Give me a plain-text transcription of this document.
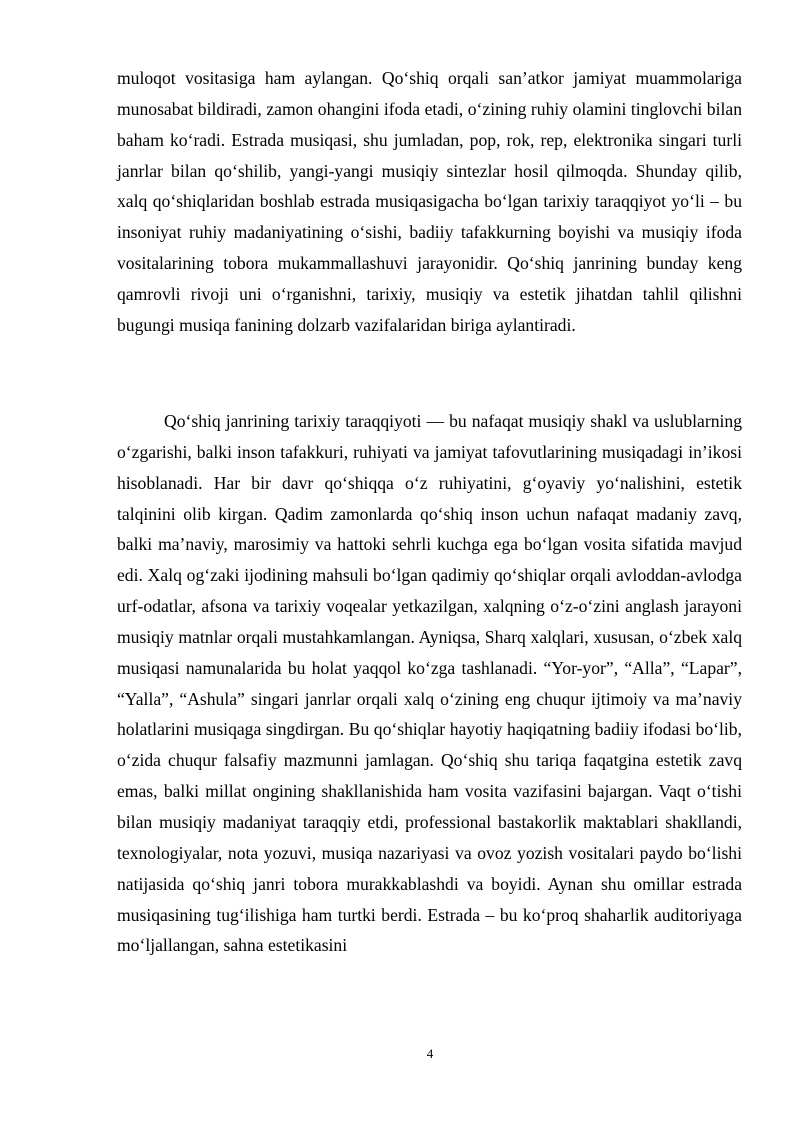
muloqot vositasiga ham aylangan. Qo‘shiq orqali san’atkor jamiyat muammolariga munosabat bildiradi, zamon ohangini ifoda etadi, o‘zining ruhiy olamini tinglovchi bilan baham ko‘radi. Estrada musiqasi, shu jumladan, pop, rok, rep, elektronika singari turli janrlar bilan qo‘shilib, yangi-yangi musiqiy sintezlar hosil qilmoqda. Shunday qilib, xalq qo‘shiqlaridan boshlab estrada musiqasigacha bo‘lgan tarixiy taraqqiyot yo‘li – bu insoniyat ruhiy madaniyatining o‘sishi, badiiy tafakkurning boyishi va musiqiy ifoda vositalarining tobora mukammallashuvi jarayonidir. Qo‘shiq janrining bunday keng qamrovli rivoji uni o‘rganishni, tarixiy, musiqiy va estetik jihatdan tahlil qilishni bugungi musiqa fanining dolzarb vazifalaridan biriga aylantiradi.

Qo‘shiq janrining tarixiy taraqqiyoti — bu nafaqat musiqiy shakl va uslublarning o‘zgarishi, balki inson tafakkuri, ruhiyati va jamiyat tafovutlarining musiqadagi in’ikosi hisoblanadi. Har bir davr qo‘shiqqa o‘z ruhiyatini, g‘oyaviy yo‘nalishini, estetik talqinini olib kirgan. Qadim zamonlarda qo‘shiq inson uchun nafaqat madaniy zavq, balki ma’naviy, marosimiy va hattoki sehrli kuchga ega bo‘lgan vosita sifatida mavjud edi. Xalq og‘zaki ijodining mahsuli bo‘lgan qadimiy qo‘shiqlar orqali avloddan-avlodga urf-odatlar, afsona va tarixiy voqealar yetkazilgan, xalqning o‘z-o‘zini anglash jarayoni musiqiy matnlar orqali mustahkamlangan. Ayniqsa, Sharq xalqlari, xususan, o‘zbek xalq musiqasi namunalarida bu holat yaqqol ko‘zga tashlanadi. “Yor-yor”, “Alla”, “Lapar”, “Yalla”, “Ashula” singari janrlar orqali xalq o‘zining eng chuqur ijtimoiy va ma’naviy holatlarini musiqaga singdirgan. Bu qo‘shiqlar hayotiy haqiqatning badiiy ifodasi bo‘lib, o‘zida chuqur falsafiy mazmunni jamlagan. Qo‘shiq shu tariqa faqatgina estetik zavq emas, balki millat ongining shakllanishida ham vosita vazifasini bajargan. Vaqt o‘tishi bilan musiqiy madaniyat taraqqiy etdi, professional bastakorlik maktablari shakllandi, texnologiyalar, nota yozuvi, musiqa nazariyasi va ovoz yozish vositalari paydo bo‘lishi natijasida qo‘shiq janri tobora murakkablashdi va boyidi. Aynan shu omillar estrada musiqasining tug‘ilishiga ham turtki berdi. Estrada – bu ko‘proq shaharlik auditoriyaga mo‘ljallangan, sahna estetikasini

4
